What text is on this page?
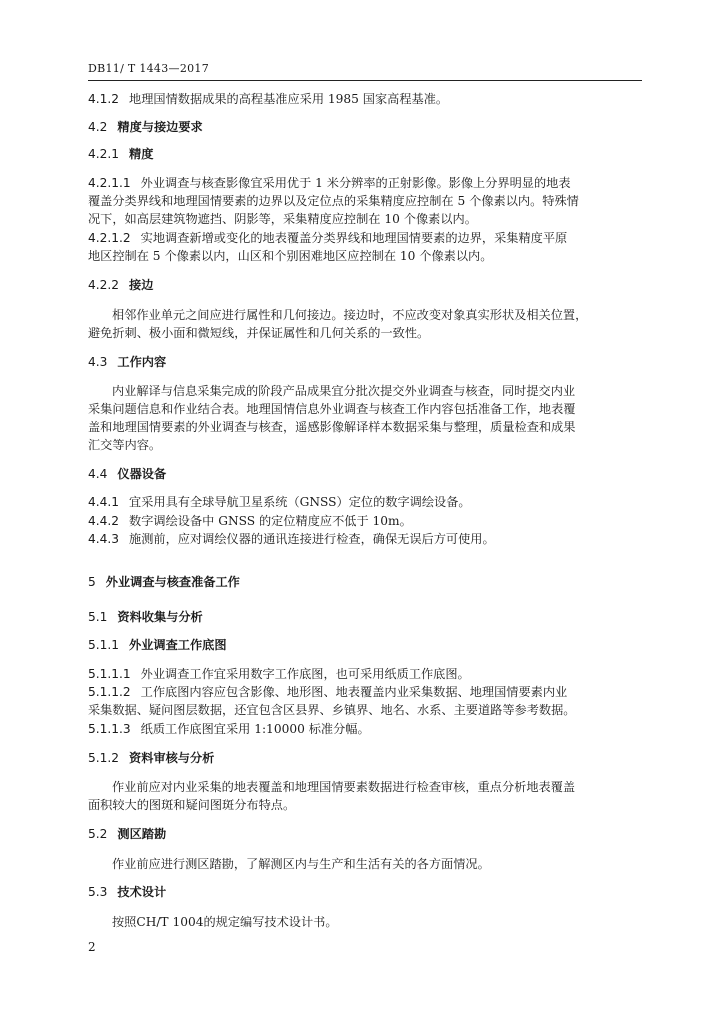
DB11/ T 1443—2017
4.1.2 地理国情数据成果的高程基准应采用 1985 国家高程基准。
4.2 精度与接边要求
4.2.1 精度
4.2.1.1 外业调查与核查影像宜采用优于 1 米分辨率的正射影像。影像上分界明显的地表
覆盖分类界线和地理国情要素的边界以及定位点的采集精度应控制在 5 个像素以内。特殊情
况下，如高层建筑物遮挡、阴影等，采集精度应控制在 10 个像素以内。
4.2.1.2 实地调查新增或变化的地表覆盖分类界线和地理国情要素的边界，采集精度平原
地区控制在 5 个像素以内，山区和个别困难地区应控制在 10 个像素以内。
4.2.2 接边
相邻作业单元之间应进行属性和几何接边。接边时，不应改变对象真实形状及相关位置，
避免折刺、极小面和微短线，并保证属性和几何关系的一致性。
4.3 工作内容
内业解译与信息采集完成的阶段产品成果宜分批次提交外业调查与核查，同时提交内业
采集问题信息和作业结合表。地理国情信息外业调查与核查工作内容包括准备工作，地表覆
盖和地理国情要素的外业调查与核查，遥感影像解译样本数据采集与整理，质量检查和成果
汇交等内容。
4.4 仪器设备
4.4.1 宜采用具有全球导航卫星系统（GNSS）定位的数字调绘设备。
4.4.2 数字调绘设备中 GNSS 的定位精度应不低于 10m。
4.4.3 施测前，应对调绘仪器的通讯连接进行检查，确保无误后方可使用。
5 外业调查与核查准备工作
5.1 资料收集与分析
5.1.1 外业调查工作底图
5.1.1.1 外业调查工作宜采用数字工作底图，也可采用纸质工作底图。
5.1.1.2 工作底图内容应包含影像、地形图、地表覆盖内业采集数据、地理国情要素内业
采集数据、疑问图层数据，还宜包含区县界、乡镇界、地名、水系、主要道路等参考数据。
5.1.1.3 纸质工作底图宜采用 1:10000 标准分幅。
5.1.2 资料审核与分析
作业前应对内业采集的地表覆盖和地理国情要素数据进行检查审核，重点分析地表覆盖
面积较大的图斑和疑问图斑分布特点。
5.2 测区踏勘
作业前应进行测区踏勘，了解测区内与生产和生活有关的各方面情况。
5.3 技术设计
按照CH/T 1004的规定编写技术设计书。
2
